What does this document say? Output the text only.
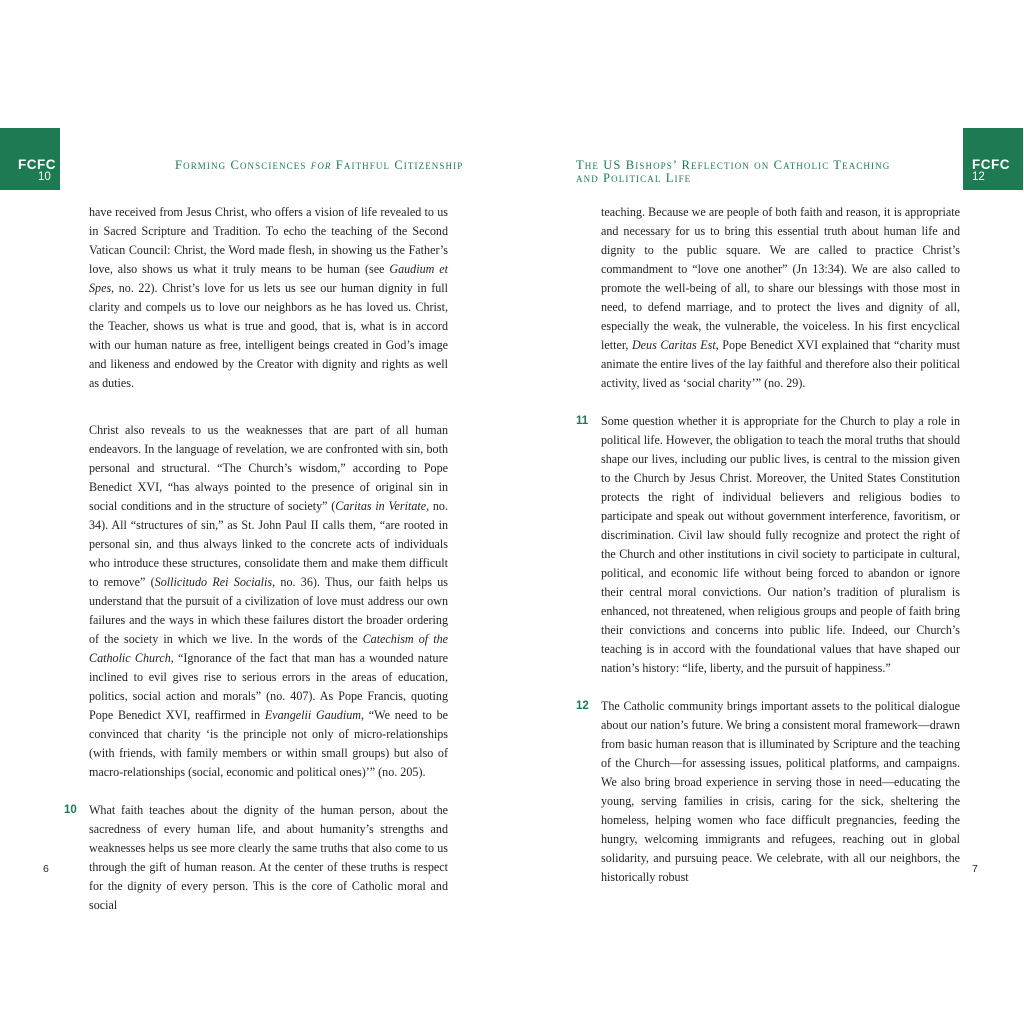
FCFC
10
Forming Consciences for Faithful Citizenship

have received from Jesus Christ, who offers a vision of life revealed to us in Sacred Scripture and Tradition. To echo the teaching of the Second Vatican Council: Christ, the Word made flesh, in showing us the Father’s love, also shows us what it truly means to be human (see Gaudium et Spes, no. 22). Christ’s love for us lets us see our human dignity in full clarity and compels us to love our neighbors as he has loved us. Christ, the Teacher, shows us what is true and good, that is, what is in accord with our human nature as free, intelligent beings created in God’s image and likeness and endowed by the Creator with dignity and rights as well as duties.

Christ also reveals to us the weaknesses that are part of all human endeavors. In the language of revelation, we are confronted with sin, both personal and structural. “The Church’s wisdom,” according to Pope Benedict XVI, “has always pointed to the presence of original sin in social conditions and in the structure of society” (Caritas in Veritate, no. 34). All “structures of sin,” as St. John Paul II calls them, “are rooted in personal sin, and thus always linked to the concrete acts of individuals who introduce these structures, consolidate them and make them difficult to remove” (Sollicitudo Rei Socialis, no. 36). Thus, our faith helps us understand that the pursuit of a civilization of love must address our own failures and the ways in which these failures distort the broader ordering of the society in which we live. In the words of the Catechism of the Catholic Church, “Ignorance of the fact that man has a wounded nature inclined to evil gives rise to serious errors in the areas of education, politics, social action and morals” (no. 407). As Pope Francis, quoting Pope Benedict XVI, reaffirmed in Evangelii Gaudium, “We need to be convinced that charity ‘is the principle not only of micro-relationships (with friends, with family members or within small groups) but also of macro-relationships (social, economic and political ones)’” (no. 205).

10 What faith teaches about the dignity of the human person, about the sacredness of every human life, and about humanity’s strengths and weaknesses helps us see more clearly the same truths that also come to us through the gift of human reason. At the center of these truths is respect for the dignity of every person. This is the core of Catholic moral and social

6
FCFC
12
The US Bishops’ Reflection on Catholic Teaching
and Political Life

teaching. Because we are people of both faith and reason, it is appropriate and necessary for us to bring this essential truth about human life and dignity to the public square. We are called to practice Christ’s commandment to “love one another” (Jn 13:34). We are also called to promote the well-being of all, to share our blessings with those most in need, to defend marriage, and to protect the lives and dignity of all, especially the weak, the vulnerable, the voiceless. In his first encyclical letter, Deus Caritas Est, Pope Benedict XVI explained that “charity must animate the entire lives of the lay faithful and therefore also their political activity, lived as ‘social charity’” (no. 29).

11 Some question whether it is appropriate for the Church to play a role in political life. However, the obligation to teach the moral truths that should shape our lives, including our public lives, is central to the mission given to the Church by Jesus Christ. Moreover, the United States Constitution protects the right of individual believers and religious bodies to participate and speak out without government interference, favoritism, or discrimination. Civil law should fully recognize and protect the right of the Church and other institutions in civil society to participate in cultural, political, and economic life without being forced to abandon or ignore their central moral convictions. Our nation’s tradition of pluralism is enhanced, not threatened, when religious groups and people of faith bring their convictions and concerns into public life. Indeed, our Church’s teaching is in accord with the foundational values that have shaped our nation’s history: “life, liberty, and the pursuit of happiness.”

12 The Catholic community brings important assets to the political dialogue about our nation’s future. We bring a consistent moral framework—drawn from basic human reason that is illuminated by Scripture and the teaching of the Church—for assessing issues, political platforms, and campaigns. We also bring broad experience in serving those in need—educating the young, serving families in crisis, caring for the sick, sheltering the homeless, helping women who face difficult pregnancies, feeding the hungry, welcoming immigrants and refugees, reaching out in global solidarity, and pursuing peace. We celebrate, with all our neighbors, the historically robust

7
